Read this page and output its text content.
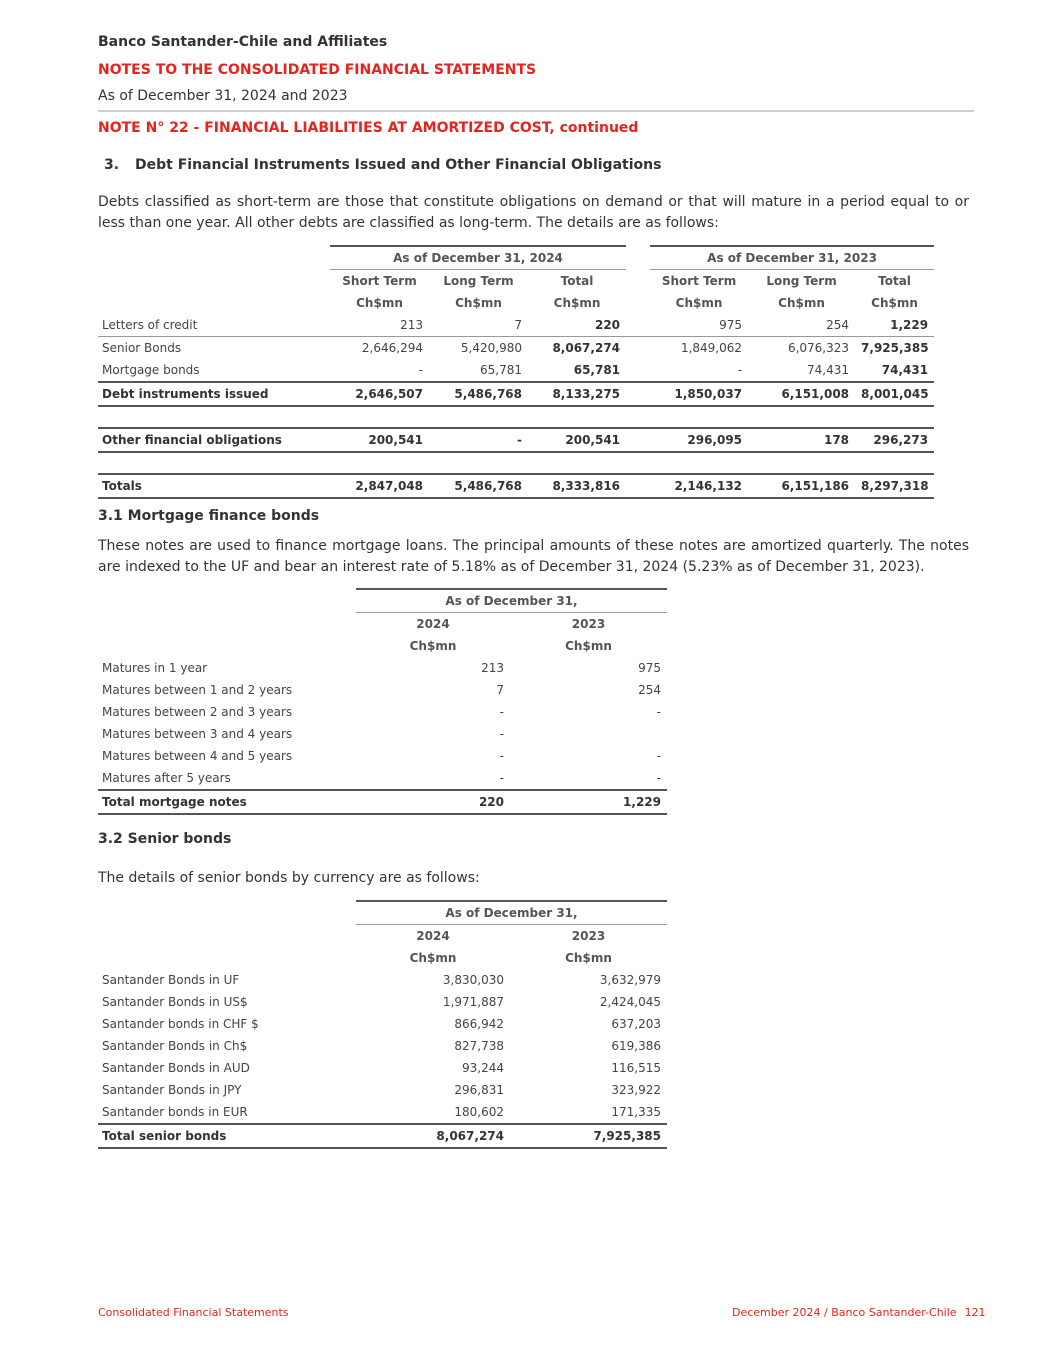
Banco Santander-Chile and Affiliates
NOTES TO THE CONSOLIDATED FINANCIAL STATEMENTS
As of December 31, 2024 and 2023
NOTE N° 22 - FINANCIAL LIABILITIES AT AMORTIZED COST, continued
3. Debt Financial Instruments Issued and Other Financial Obligations
Debts classified as short-term are those that constitute obligations on demand or that will mature in a period equal to or less than one year. All other debts are classified as long-term. The details are as follows:
	As of December 31, 2024				As of December 31, 2023		
	Short Term	Long Term	Total		Short Term	Long Term	Total
	Ch$mn	Ch$mn	Ch$mn		Ch$mn	Ch$mn	Ch$mn
Letters of credit	213	7	220		975	254	1,229
Senior Bonds	2,646,294	5,420,980	8,067,274		1,849,062	6,076,323	7,925,385
Mortgage bonds	-	65,781	65,781		-	74,431	74,431
Debt instruments issued	2,646,507	5,486,768	8,133,275		1,850,037	6,151,008	8,001,045

Other financial obligations	200,541	-	200,541		296,095	178	296,273

Totals	2,847,048	5,486,768	8,333,816		2,146,132	6,151,186	8,297,318
3.1 Mortgage finance bonds
These notes are used to finance mortgage loans. The principal amounts of these notes are amortized quarterly. The notes are indexed to the UF and bear an interest rate of 5.18% as of December 31, 2024 (5.23% as of December 31, 2023).
	As of December 31,	
	2024	2023
	Ch$mn	Ch$mn
Matures in 1 year	213	975
Matures between 1 and 2 years	7	254
Matures between 2 and 3 years	-	-
Matures between 3 and 4 years	-	
Matures between 4 and 5 years	-	-
Matures after 5 years	-	-
Total mortgage notes	220	1,229
3.2 Senior bonds
The details of senior bonds by currency are as follows:
	As of December 31,	
	2024	2023
	Ch$mn	Ch$mn
Santander Bonds in UF	3,830,030	3,632,979
Santander Bonds in US$	1,971,887	2,424,045
Santander bonds in CHF $	866,942	637,203
Santander Bonds in Ch$	827,738	619,386
Santander Bonds in AUD	93,244	116,515
Santander Bonds in JPY	296,831	323,922
Santander bonds in EUR	180,602	171,335
Total senior bonds	8,067,274	7,925,385
Consolidated Financial Statements	December 2024 / Banco Santander-Chile 121
